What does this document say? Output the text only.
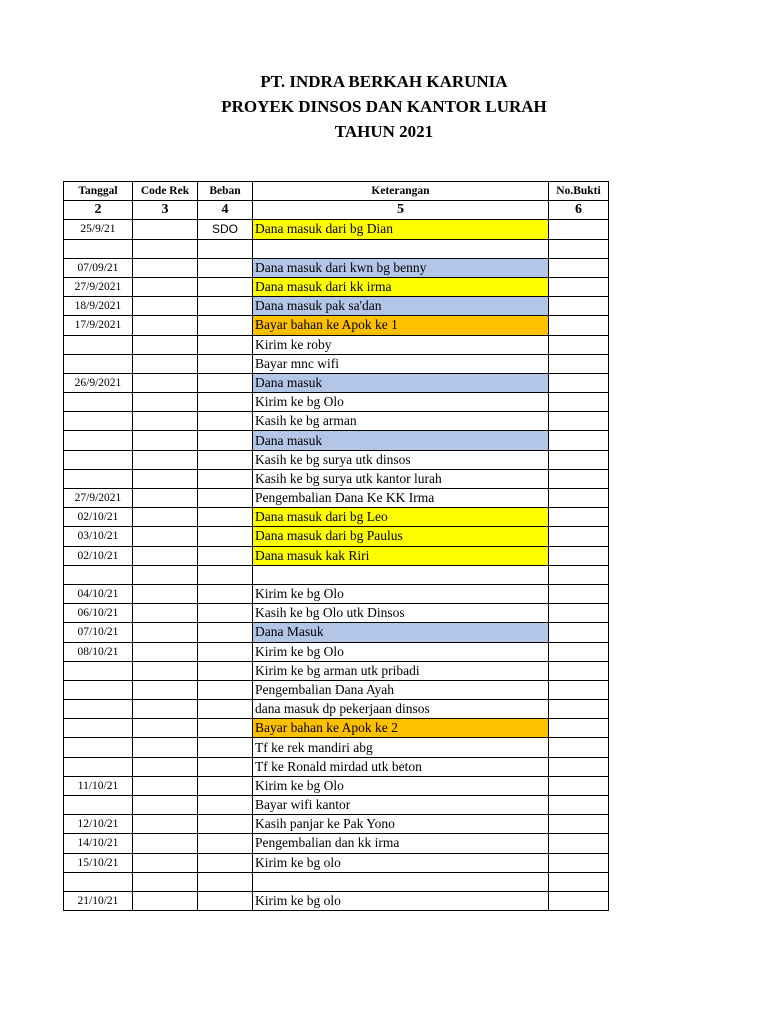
PT. INDRA BERKAH KARUNIA
PROYEK DINSOS DAN KANTOR LURAH
TAHUN 2021
Tanggal	Code Rek	Beban	Keterangan	No.Bukti
2	3	4	5	6
25/9/21		SDO	Dana masuk dari bg Dian	

07/09/21			Dana masuk dari kwn bg benny	
27/9/2021			Dana masuk dari kk irma	
18/9/2021			Dana masuk pak sa'dan	
17/9/2021			Bayar bahan ke Apok ke 1	
			Kirim ke roby	
			Bayar mnc wifi	
26/9/2021			Dana masuk	
			Kirim ke bg Olo	
			Kasih ke bg arman	
			Dana masuk	
			Kasih ke bg surya utk dinsos	
			Kasih ke bg surya utk kantor lurah	
27/9/2021			Pengembalian Dana Ke KK Irma	
02/10/21			Dana masuk dari bg Leo	
03/10/21			Dana masuk dari bg Paulus	
02/10/21			Dana masuk kak Riri	

04/10/21			Kirim ke bg Olo	
06/10/21			Kasih ke bg Olo utk Dinsos	
07/10/21			Dana Masuk	
08/10/21			Kirim ke bg Olo	
			Kirim ke bg arman utk pribadi	
			Pengembalian Dana Ayah	
			dana masuk dp pekerjaan dinsos	
			Bayar bahan ke Apok ke 2	
			Tf ke rek mandiri abg	
			Tf ke Ronald mirdad utk beton	
11/10/21			Kirim ke bg Olo	
			Bayar wifi kantor	
12/10/21			Kasih panjar ke Pak Yono	
14/10/21			Pengembalian dan kk irma	
15/10/21			Kirim ke bg olo	

21/10/21			Kirim ke bg olo	
